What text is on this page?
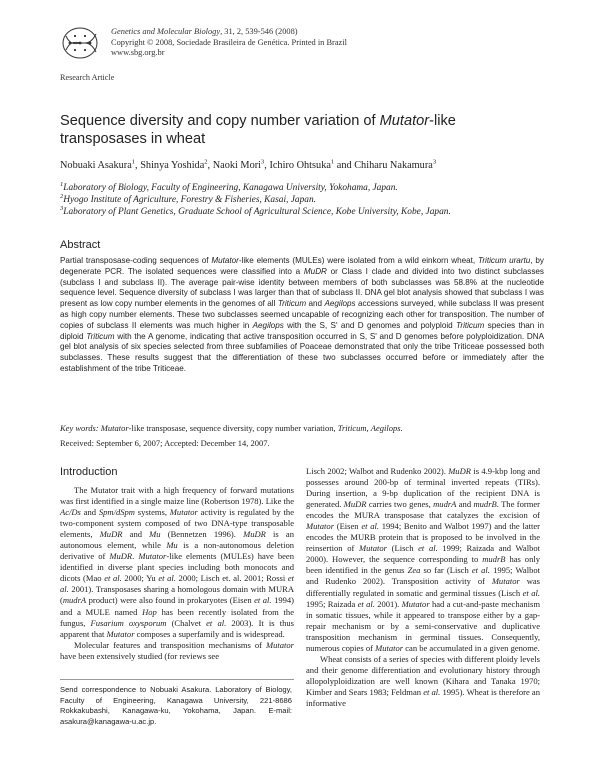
Genetics and Molecular Biology, 31, 2, 539-546 (2008)
Copyright © 2008, Sociedade Brasileira de Genética. Printed in Brazil
www.sbg.org.br
Research Article
Sequence diversity and copy number variation of Mutator-like transposases in wheat
Nobuaki Asakura$^1$, Shinya Yoshida$^2$, Naoki Mori$^3$, Ichiro Ohtsuka$^1$ and Chiharu Nakamura$^3$
$^1$Laboratory of Biology, Faculty of Engineering, Kanagawa University, Yokohama, Japan.
$^2$Hyogo Institute of Agriculture, Forestry & Fisheries, Kasai, Japan.
$^3$Laboratory of Plant Genetics, Graduate School of Agricultural Science, Kobe University, Kobe, Japan.
Abstract
Partial transposase-coding sequences of Mutator-like elements (MULEs) were isolated from a wild einkorn wheat, Triticum urartu, by degenerate PCR. The isolated sequences were classified into a MuDR or Class I clade and divided into two distinct subclasses (subclass I and subclass II). The average pair-wise identity between members of both subclasses was 58.8% at the nucleotide sequence level. Sequence diversity of subclass I was larger than that of subclass II. DNA gel blot analysis showed that subclass I was present as low copy number elements in the genomes of all Triticum and Aegilops accessions surveyed, while subclass II was present as high copy number elements. These two subclasses seemed uncapable of recognizing each other for transposition. The number of copies of subclass II elements was much higher in Aegilops with the S, S' and D genomes and polyploid Triticum species than in diploid Triticum with the A genome, indicating that active transposition occurred in S, S' and D genomes before polyploidization. DNA gel blot analysis of six species selected from three subfamilies of Poaceae demonstrated that only the tribe Triticeae possessed both subclasses. These results suggest that the differentiation of these two subclasses occurred before or immediately after the establishment of the tribe Triticeae.
Key words: Mutator-like transposase, sequence diversity, copy number variation, Triticum, Aegilops.
Received: September 6, 2007; Accepted: December 14, 2007.
Introduction

The Mutator trait with a high frequency of forward mutations was first identified in a single maize line (Robertson 1978). Like the Ac/Ds and Spm/dSpm systems, Mutator activity is regulated by the two-component system composed of two DNA-type transposable elements, MuDR and Mu (Bennetzen 1996). MuDR is an autonomous element, while Mu is a non-autonomous deletion derivative of MuDR. Mutator-like elements (MULEs) have been identified in diverse plant species including both monocots and dicots (Mao et al. 2000; Yu et al. 2000; Lisch et. al. 2001; Rossi et al. 2001). Transposases sharing a homologous domain with MURA (mudrA product) were also found in prokaryotes (Eisen et al. 1994) and a MULE named Hop has been recently isolated from the fungus, Fusarium oxysporum (Chalvet et al. 2003). It is thus apparent that Mutator composes a superfamily and is widespread.

Molecular features and transposition mechanisms of Mutator have been extensively studied (for reviews see

Lisch 2002; Walbot and Rudenko 2002). MuDR is 4.9-kbp long and possesses around 200-bp of terminal inverted repeats (TIRs). During insertion, a 9-bp duplication of the recipient DNA is generated. MuDR carries two genes, mudrA and mudrB. The former encodes the MURA transposase that catalyzes the excision of Mutator (Eisen et al. 1994; Benito and Walbot 1997) and the latter encodes the MURB protein that is proposed to be involved in the reinsertion of Mutator (Lisch et al. 1999; Raizada and Walbot 2000). However, the sequence corresponding to mudrB has only been identified in the genus Zea so far (Lisch et al. 1995; Walbot and Rudenko 2002). Transposition activity of Mutator was differentially regulated in somatic and germinal tissues (Lisch et al. 1995; Raizada et al. 2001). Mutator had a cut-and-paste mechanism in somatic tissues, while it appeared to transpose either by a gap-repair mechanism or by a semi-conservative and duplicative transposition mechanism in germinal tissues. Consequently, numerous copies of Mutator can be accumulated in a given genome.

Wheat consists of a series of species with different ploidy levels and their genome differentiation and evolutionary history through allopolyploidization are well known (Kihara and Tanaka 1970; Kimber and Sears 1983; Feldman et al. 1995). Wheat is therefore an informative

Send correspondence to Nobuaki Asakura. Laboratory of Biology, Faculty of Engineering, Kanagawa University, 221-8686 Rokkakubashi, Kanagawa-ku, Yokohama, Japan. E-mail: asakura@kanagawa-u.ac.jp.
